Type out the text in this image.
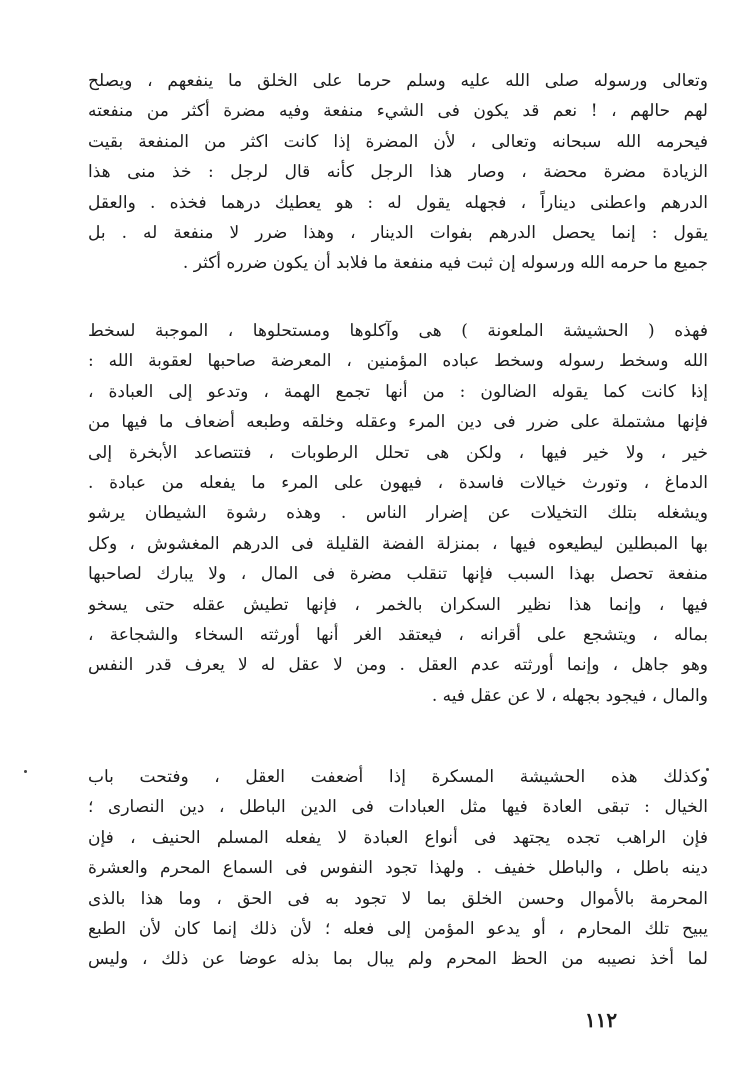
وتعالى ورسوله صلى الله عليه وسلم حرما على الخلق ما ينفعهم ، ويصلح
لهم حالهم ، ! نعم قد يكون فى الشيء منفعة وفيه مضرة أكثر من منفعته
فيحرمه الله سبحانه وتعالى ، لأن المضرة إذا كانت اكثر من المنفعة بقيت
الزيادة مضرة محضة ، وصار هذا الرجل كأنه قال لرجل : خذ منى هذا
الدرهم واعطنى ديناراً ، فجهله يقول له : هو يعطيك درهما فخذه . والعقل
يقول : إنما يحصل الدرهم بفوات الدينار ، وهذا ضرر لا منفعة له . بل
جميع ما حرمه الله ورسوله إن ثبت فيه منفعة ما فلابد أن يكون ضرره أكثر .
فهذه ( الحشيشة الملعونة ) هى وآكلوها ومستحلوها ، الموجبة لسخط
الله وسخط رسوله وسخط عباده المؤمنين ، المعرضة صاحبها لعقوبة الله :
إذا كانت كما يقوله الضالون : من أنها تجمع الهمة ، وتدعو إلى العبادة ،
فإنها مشتملة على ضرر فى دين المرء وعقله وخلقه وطبعه أضعاف ما فيها من
خير ، ولا خير فيها ، ولكن هى تحلل الرطوبات ، فتتصاعد الأبخرة إلى
الدماغ ، وتورث خيالات فاسدة ، فيهون على المرء ما يفعله من عبادة .
ويشغله بتلك التخيلات عن إضرار الناس . وهذه رشوة الشيطان يرشو
بها المبطلين ليطيعوه فيها ، بمنزلة الفضة القليلة فى الدرهم المغشوش ، وكل
منفعة تحصل بهذا السبب فإنها تنقلب مضرة فى المال ، ولا يبارك لصاحبها
فيها ، وإنما هذا نظير السكران بالخمر ، فإنها تطيش عقله حتى يسخو
بماله ، ويتشجع على أقرانه ، فيعتقد الغر أنها أورثته السخاء والشجاعة ،
وهو جاهل ، وإنما أورثته عدم العقل . ومن لا عقل له لا يعرف قدر النفس
والمال ، فيجود بجهله ، لا عن عقل فيه .
وكذلك هذه الحشيشة المسكرة إذا أضعفت العقل ، وفتحت باب
الخيال : تبقى العادة فيها مثل العبادات فى الدين الباطل ، دين النصارى ؛
فإن الراهب تجده يجتهد فى أنواع العبادة لا يفعله المسلم الحنيف ، فإن
دينه باطل ، والباطل خفيف . ولهذا تجود النفوس فى السماع المحرم والعشرة
المحرمة بالأموال وحسن الخلق بما لا تجود به فى الحق ، وما هذا بالذى
يبيح تلك المحارم ، أو يدعو المؤمن إلى فعله ؛ لأن ذلك إنما كان لأن الطبع
لما أخذ نصيبه من الحظ المحرم ولم يبال بما بذله عوضا عن ذلك ، وليس
١١٢
